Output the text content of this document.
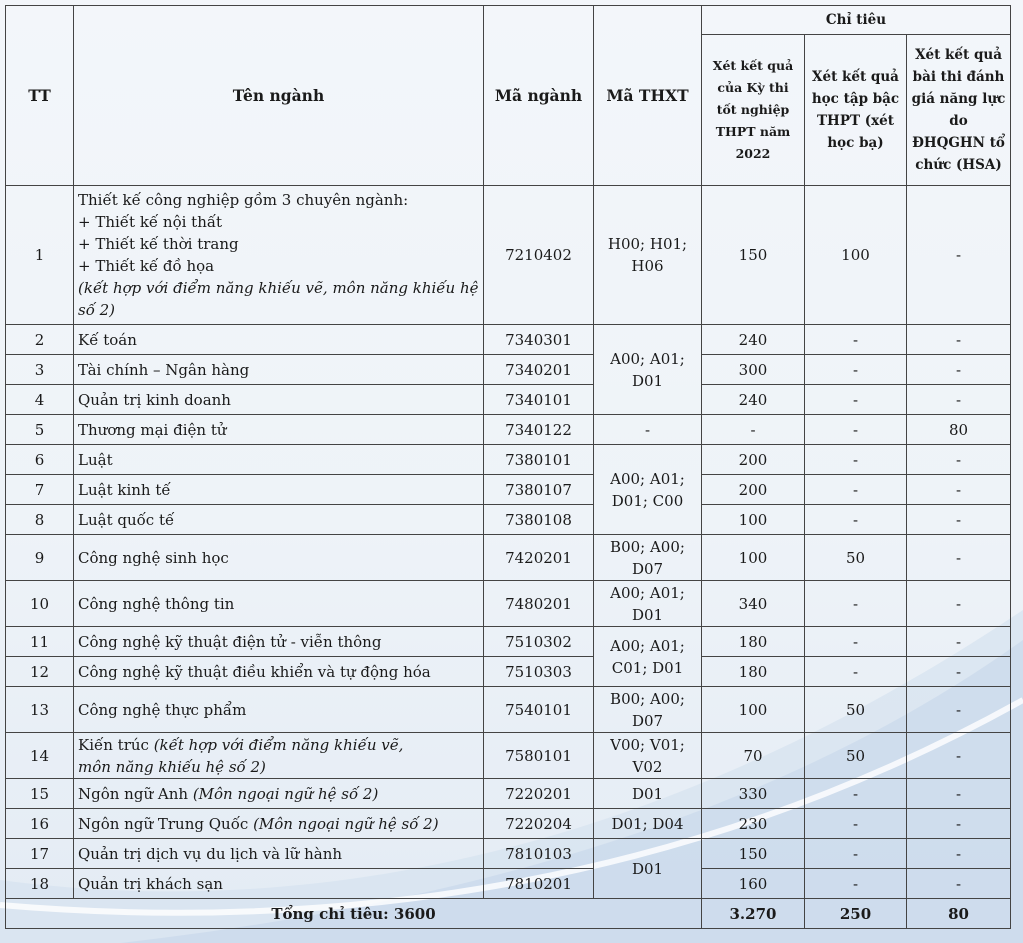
TT	Tên ngành	Mã ngành	Mã THXT	Chỉ tiêu		
				Xét kết quả của Kỳ thi tốt nghiệp THPT năm 2022	Xét kết quả học tập bậc THPT (xét học bạ)	Xét kết quả bài thi đánh giá năng lực do ĐHQGHN tổ chức (HSA)
1	Thiết kế công nghiệp gồm 3 chuyên ngành:
+ Thiết kế nội thất
+ Thiết kế thời trang
+ Thiết kế đồ họa
(kết hợp với điểm năng khiếu vẽ, môn năng khiếu hệ số 2)	7210402	H00; H01; H06	150	100	-
2	Kế toán	7340301	A00; A01; D01	240	-	-
3	Tài chính – Ngân hàng	7340201		300	-	-
4	Quản trị kinh doanh	7340101		240	-	-
5	Thương mại điện tử	7340122	-	-	-	80
6	Luật	7380101	A00; A01; D01; C00	200	-	-
7	Luật kinh tế	7380107		200	-	-
8	Luật quốc tế	7380108		100	-	-
9	Công nghệ sinh học	7420201	B00; A00; D07	100	50	-
10	Công nghệ thông tin	7480201	A00; A01; D01	340	-	-
11	Công nghệ kỹ thuật điện tử - viễn thông	7510302	A00; A01; C01; D01	180	-	-
12	Công nghệ kỹ thuật điều khiển và tự động hóa	7510303		180	-	-
13	Công nghệ thực phẩm	7540101	B00; A00; D07	100	50	-
14	Kiến trúc (kết hợp với điểm năng khiếu vẽ,
môn năng khiếu hệ số 2)	7580101	V00; V01; V02	70	50	-
15	Ngôn ngữ Anh (Môn ngoại ngữ hệ số 2)	7220201	D01	330	-	-
16	Ngôn ngữ Trung Quốc (Môn ngoại ngữ hệ số 2)	7220204	D01; D04	230	-	-
17	Quản trị dịch vụ du lịch và lữ hành	7810103	D01	150	-	-
18	Quản trị khách sạn	7810201		160	-	-
Tổng chỉ tiêu: 3600				3.270	250	80
